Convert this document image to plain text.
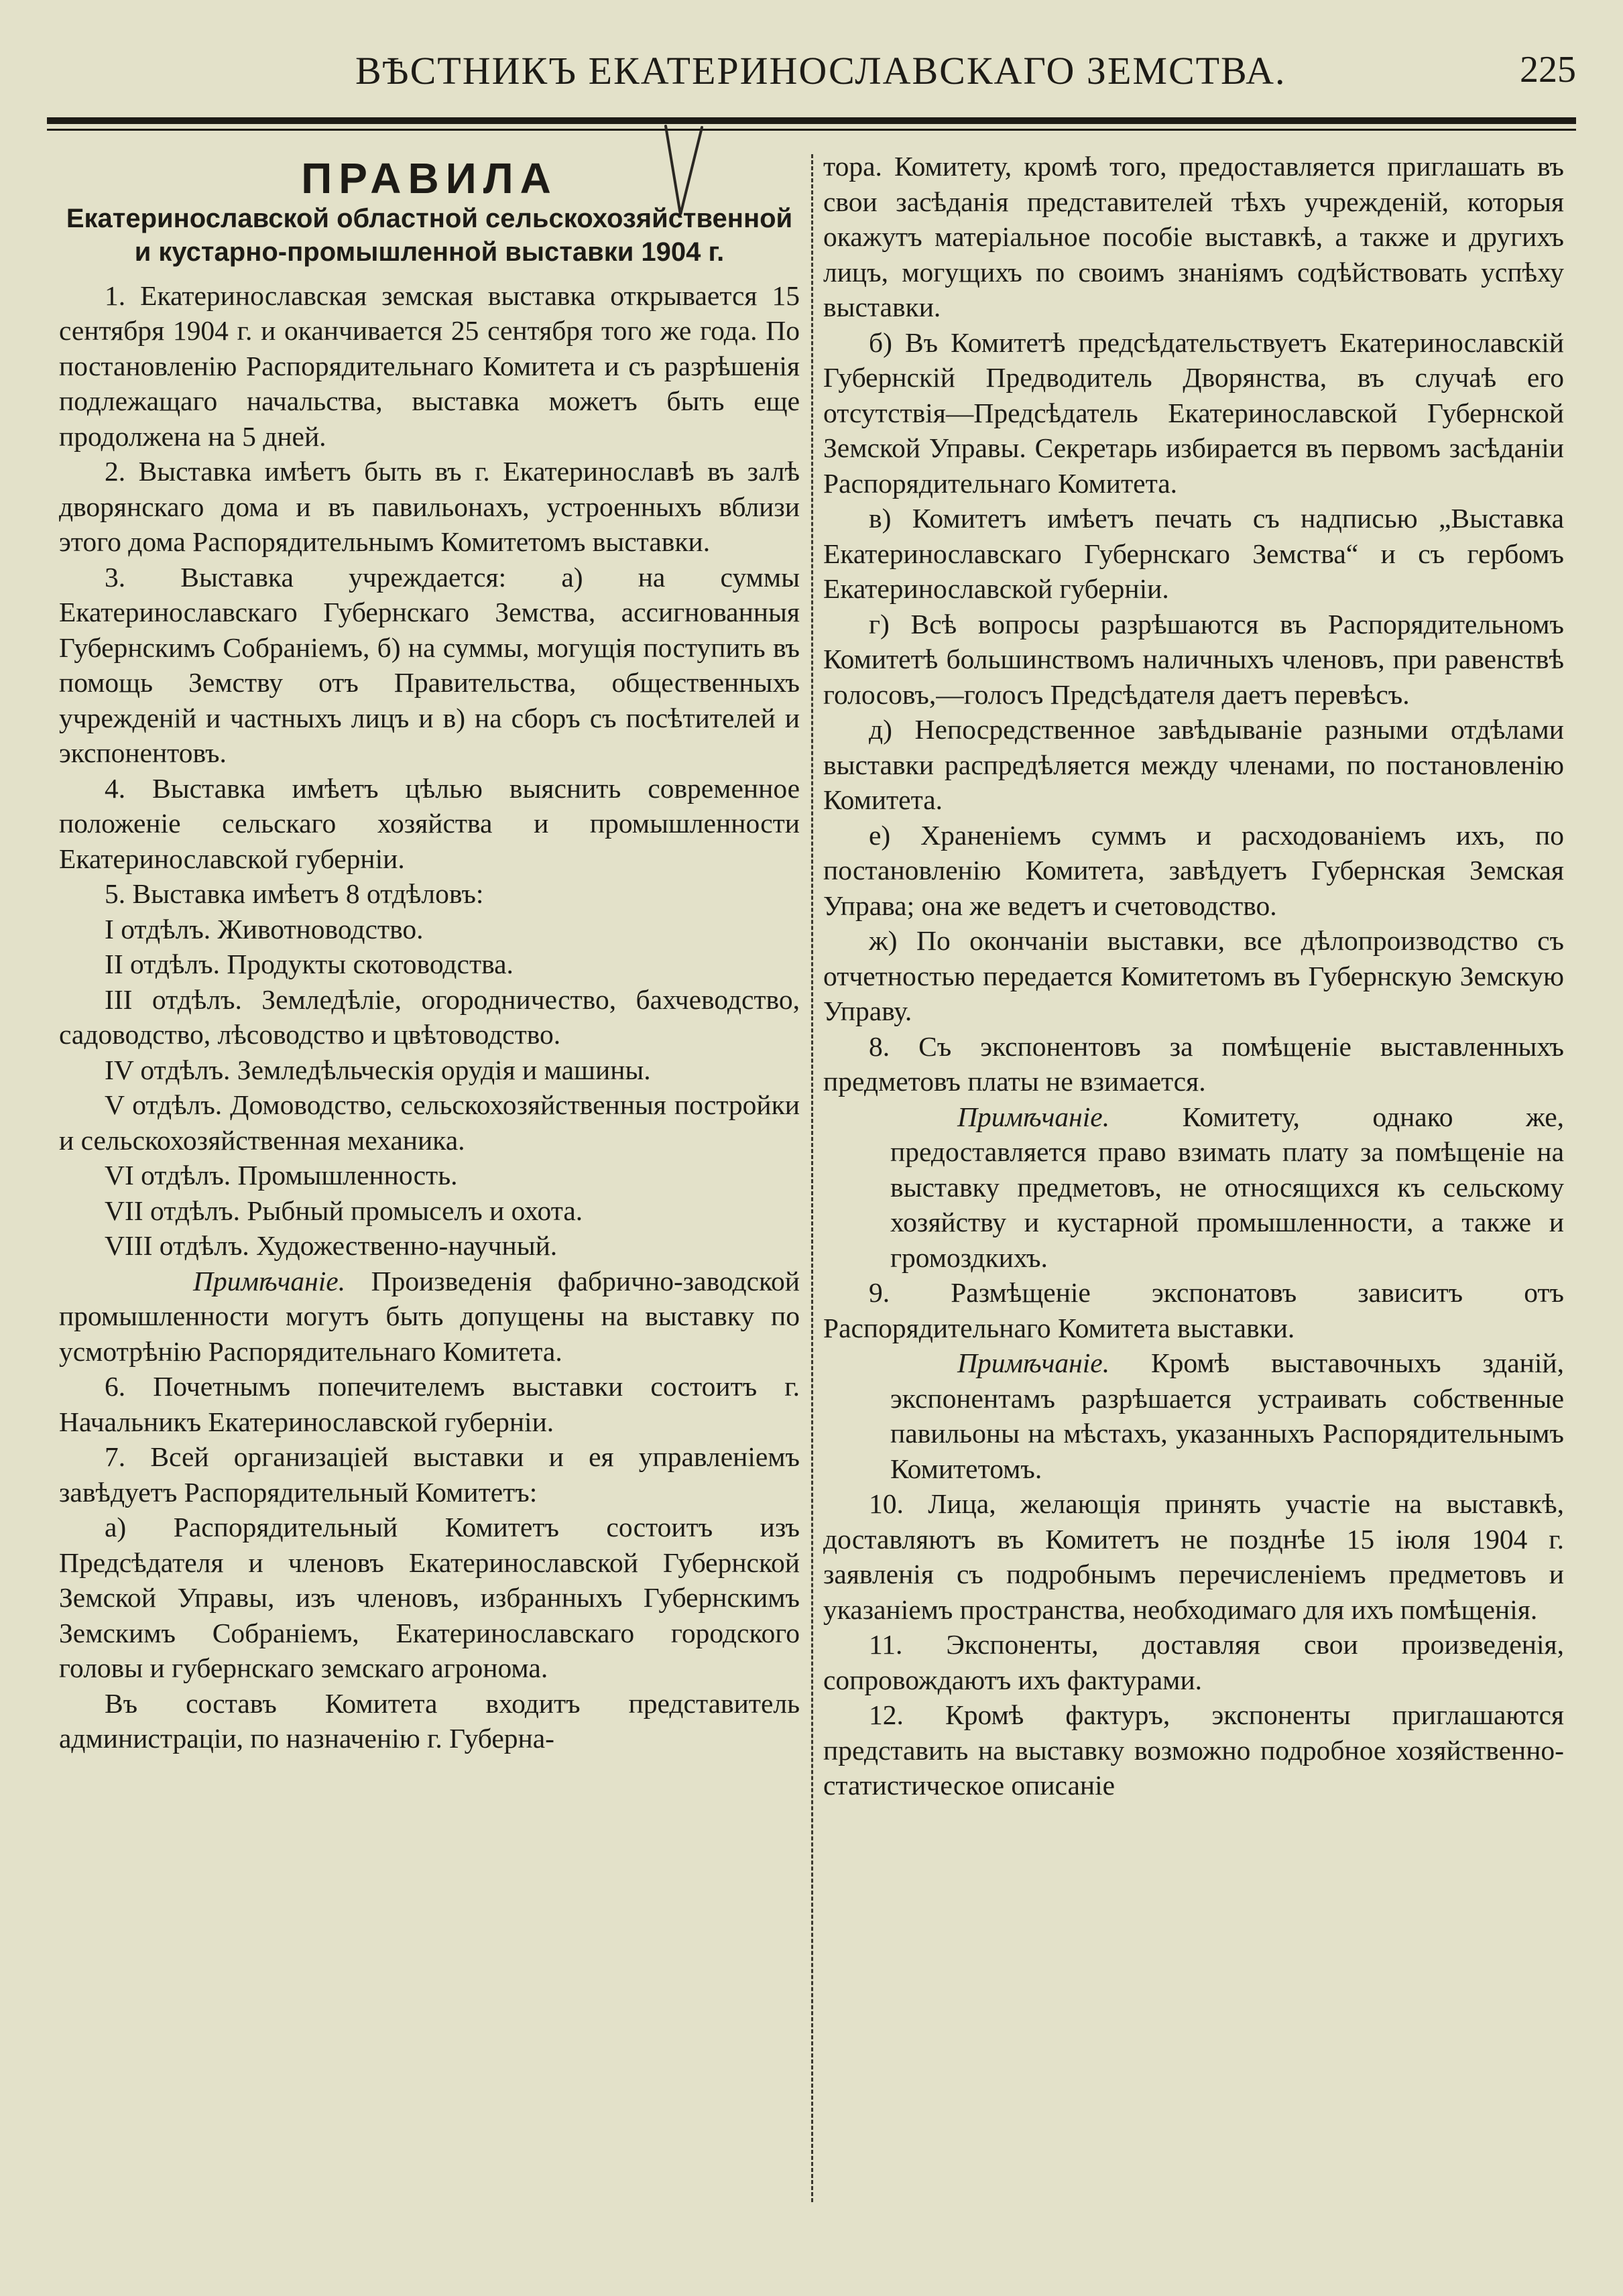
ВѢСТНИКЪ ЕКАТЕРИНОСЛАВСКАГО ЗЕМСТВА.	225
ПРАВИЛА
Екатеринославской областной сельскохозяйственной
и кустарно-промышленной выставки 1904 г.

1. Екатеринославская земская выставка открывается 15 сентября 1904 г. и оканчивается 25 сентября того же года. По постановленію Распорядительнаго Комитета и съ разрѣшенія подлежащаго начальства, выставка можетъ быть еще продолжена на 5 дней.

2. Выставка имѣетъ быть въ г. Екатеринославѣ въ залѣ дворянскаго дома и въ павильонахъ, устроенныхъ вблизи этого дома Распорядительнымъ Комитетомъ выставки.

3. Выставка учреждается: а) на суммы Екатеринославскаго Губернскаго Земства, ассигнованныя Губернскимъ Собраніемъ, б) на суммы, могущія поступить въ помощь Земству отъ Правительства, общественныхъ учрежденій и частныхъ лицъ и в) на сборъ съ посѣтителей и экспонентовъ.

4. Выставка имѣетъ цѣлью выяснить современное положеніе сельскаго хозяйства и промышленности Екатеринославской губерніи.

5. Выставка имѣетъ 8 отдѣловъ:

I отдѣлъ. Животноводство.

II отдѣлъ. Продукты скотоводства.

III отдѣлъ. Земледѣліе, огородничество, бахчеводство, садоводство, лѣсоводство и цвѣтоводство.

IV отдѣлъ. Земледѣльческія орудія и машины.

V отдѣлъ. Домоводство, сельскохозяйственныя постройки и сельскохозяйственная механика.

VI отдѣлъ. Промышленность.

VII отдѣлъ. Рыбный промыселъ и охота.

VIII отдѣлъ. Художественно-научный.

Примѣчаніе. Произведенія фабрично-заводской промышленности могутъ быть допущены на выставку по усмотрѣнію Распорядительнаго Комитета.

6. Почетнымъ попечителемъ выставки состоитъ г. Начальникъ Екатеринославской губерніи.

7. Всей организаціей выставки и ея управленіемъ завѣдуетъ Распорядительный Комитетъ:

а) Распорядительный Комитетъ состоитъ изъ Предсѣдателя и членовъ Екатеринославской Губернской Земской Управы, изъ членовъ, избранныхъ Губернскимъ Земскимъ Собраніемъ, Екатеринославскаго городского головы и губернскаго земскаго агронома.

Въ составъ Комитета входитъ представитель администраціи, по назначенію г. Губерна-

тора. Комитету, кромѣ того, предоставляется приглашать въ свои засѣданія представителей тѣхъ учрежденій, которыя окажутъ матеріальное пособіе выставкѣ, а также и другихъ лицъ, могущихъ по своимъ знаніямъ содѣйствовать успѣху выставки.

б) Въ Комитетѣ предсѣдательствуетъ Екатеринославскій Губернскій Предводитель Дворянства, въ случаѣ его отсутствія—Предсѣдатель Екатеринославской Губернской Земской Управы. Секретарь избирается въ первомъ засѣданіи Распорядительнаго Комитета.

в) Комитетъ имѣетъ печать съ надписью „Выставка Екатеринославскаго Губернскаго Земства“ и съ гербомъ Екатеринославской губерніи.

г) Всѣ вопросы разрѣшаются въ Распорядительномъ Комитетѣ большинствомъ наличныхъ членовъ, при равенствѣ голосовъ,—голосъ Предсѣдателя даетъ перевѣсъ.

д) Непосредственное завѣдываніе разными отдѣлами выставки распредѣляется между членами, по постановленію Комитета.

е) Храненіемъ суммъ и расходованіемъ ихъ, по постановленію Комитета, завѣдуетъ Губернская Земская Управа; она же ведетъ и счетоводство.

ж) По окончаніи выставки, все дѣлопроизводство съ отчетностью передается Комитетомъ въ Губернскую Земскую Управу.

8. Съ экспонентовъ за помѣщеніе выставленныхъ предметовъ платы не взимается.

Примѣчаніе. Комитету, однако же, предоставляется право взимать плату за помѣщеніе на выставку предметовъ, не относящихся къ сельскому хозяйству и кустарной промышленности, а также и громоздкихъ.

9. Размѣщеніе экспонатовъ зависитъ отъ Распорядительнаго Комитета выставки.

Примѣчаніе. Кромѣ выставочныхъ зданій, экспонентамъ разрѣшается устраивать собственные павильоны на мѣстахъ, указанныхъ Распорядительнымъ Комитетомъ.

10. Лица, желающія принять участіе на выставкѣ, доставляютъ въ Комитетъ не позднѣе 15 іюля 1904 г. заявленія съ подробнымъ перечисленіемъ предметовъ и указаніемъ пространства, необходимаго для ихъ помѣщенія.

11. Экспоненты, доставляя свои произведенія, сопровождаютъ ихъ фактурами.

12. Кромѣ фактуръ, экспоненты приглашаются представить на выставку возможно подробное хозяйственно-статистическое описаніе
